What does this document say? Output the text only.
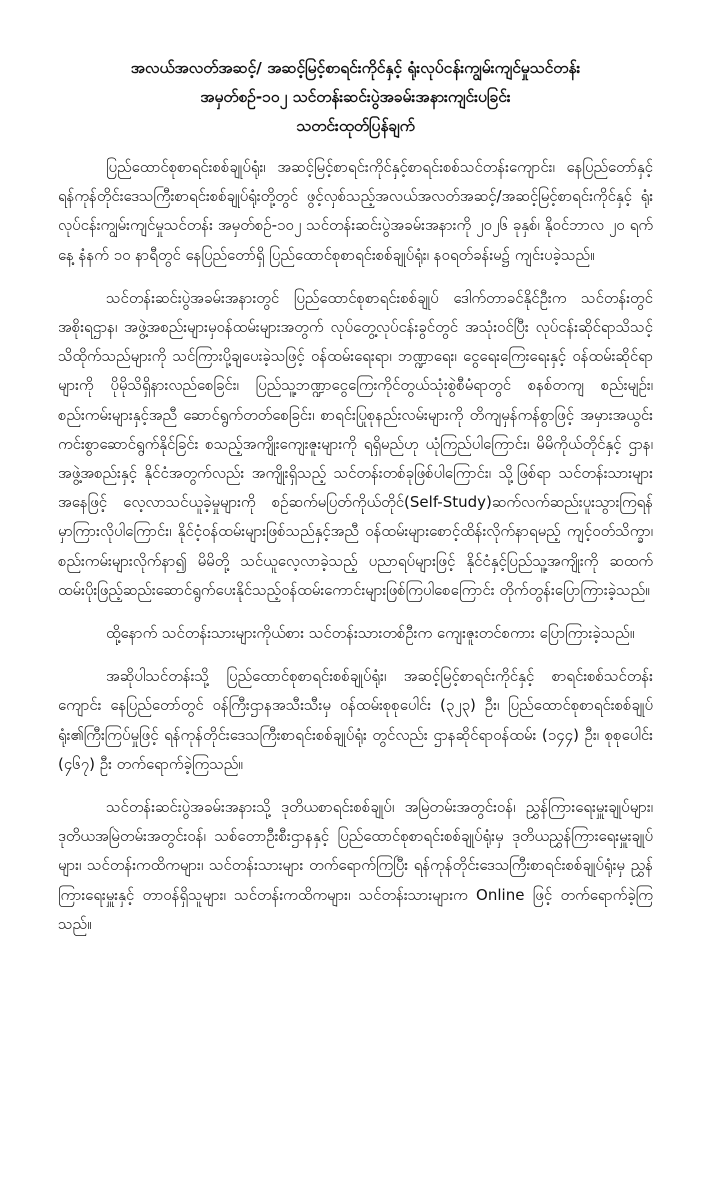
အလယ်အလတ်အဆင့်/ အဆင့်မြင့်စာရင်းကိုင်နှင့် ရုံးလုပ်ငန်းကျွမ်းကျင်မှုသင်တန်း
အမှတ်စဉ်-၁၀၂ သင်တန်းဆင်းပွဲအခမ်းအနားကျင်းပခြင်း
သတင်းထုတ်ပြန်ချက်

ပြည်ထောင်စုစာရင်းစစ်ချုပ်ရုံး၊ အဆင့်မြင့်စာရင်းကိုင်နှင့်စာရင်းစစ်သင်တန်းကျောင်း၊ နေပြည်တော်နှင့်ရန်ကုန်တိုင်းဒေသကြီးစာရင်းစစ်ချုပ်ရုံးတို့တွင် ဖွင့်လှစ်သည့်အလယ်အလတ်အဆင့်/အဆင့်မြင့်စာရင်းကိုင်နှင့် ရုံးလုပ်ငန်းကျွမ်းကျင်မှုသင်တန်း အမှတ်စဉ်-၁၀၂ သင်တန်းဆင်းပွဲအခမ်းအနားကို ၂၀၂၆ ခုနှစ်၊ နိုဝင်ဘာလ ၂၀ ရက်နေ့ နံနက် ၁၀ နာရီတွင် နေပြည်တော်ရှိ ပြည်ထောင်စုစာရင်းစစ်ချုပ်ရုံး၊ နဝရတ်ခန်းမ၌ ကျင်းပခဲ့သည်။

သင်တန်းဆင်းပွဲအခမ်းအနားတွင် ပြည်ထောင်စုစာရင်းစစ်ချုပ် ဒေါက်တာခင်နိုင်ဦးက သင်တန်းတွင် အစိုးရဌာန၊ အဖွဲ့အစည်းများမှဝန်ထမ်းများအတွက် လုပ်တွေ့လုပ်ငန်းခွင်တွင် အသုံးဝင်ပြီး လုပ်ငန်းဆိုင်ရာသိသင့်သိထိုက်သည်များကို သင်ကြားပို့ချပေးခဲ့သဖြင့် ဝန်ထမ်းရေးရာ၊ ဘဏ္ဍာရေး၊ ငွေရေးကြေးရေးနှင့် ဝန်ထမ်းဆိုင်ရာများကို ပိုမိုသိရှိနားလည်စေခြင်း၊ ပြည်သူ့ဘဏ္ဍာငွေကြေးကိုင်တွယ်သုံးစွဲစီမံရာတွင် စနစ်တကျ စည်းမျဉ်း၊ စည်းကမ်းများနှင့်အညီ ဆောင်ရွက်တတ်စေခြင်း၊ စာရင်းပြုစုနည်းလမ်းများကို တိကျမှန်ကန်စွာဖြင့် အမှားအယွင်းကင်းစွာဆောင်ရွက်နိုင်ခြင်း စသည့်အကျိုးကျေးဇူးများကို ရရှိမည်ဟု ယုံကြည်ပါကြောင်း၊ မိမိကိုယ်တိုင်နှင့် ဌာန၊ အဖွဲ့အစည်းနှင့် နိုင်ငံအတွက်လည်း အကျိုးရှိသည့် သင်တန်းတစ်ခုဖြစ်ပါကြောင်း၊ သို့ဖြစ်ရာ သင်တန်းသားများအနေဖြင့် လေ့လာသင်ယူခဲ့မှုများကို စဉ်ဆက်မပြတ်ကိုယ်တိုင်(Self-Study)ဆက်လက်ဆည်းပူးသွားကြရန် မှာကြားလိုပါကြောင်း၊ နိုင်ငံ့ဝန်ထမ်းများဖြစ်သည်နှင့်အညီ ဝန်ထမ်းများစောင့်ထိန်းလိုက်နာရမည့် ကျင့်ဝတ်သိက္ခာ၊ စည်းကမ်းများလိုက်နာ၍ မိမိတို့ သင်ယူလေ့လာခဲ့သည့် ပညာရပ်များဖြင့် နိုင်ငံနှင့်ပြည်သူ့အကျိုးကို ဆထက်ထမ်းပိုးဖြည့်ဆည်းဆောင်ရွက်ပေးနိုင်သည့်ဝန်ထမ်းကောင်းများဖြစ်ကြပါစေကြောင်း တိုက်တွန်းပြောကြားခဲ့သည်။

ထို့နောက် သင်တန်းသားများကိုယ်စား သင်တန်းသားတစ်ဦးက ကျေးဇူးတင်စကား ပြောကြားခဲ့သည်။

အဆိုပါသင်တန်းသို့ ပြည်ထောင်စုစာရင်းစစ်ချုပ်ရုံး၊ အဆင့်မြင့်စာရင်းကိုင်နှင့် စာရင်းစစ်သင်တန်းကျောင်း နေပြည်တော်တွင် ဝန်ကြီးဌာနအသီးသီးမှ ဝန်ထမ်းစုစုပေါင်း (၃၂၃) ဦး၊ ပြည်ထောင်စုစာရင်းစစ်ချုပ်ရုံး၏ကြီးကြပ်မှုဖြင့် ရန်ကုန်တိုင်းဒေသကြီးစာရင်းစစ်ချုပ်ရုံး တွင်လည်း ဌာနဆိုင်ရာဝန်ထမ်း (၁၄၄) ဦး၊ စုစုပေါင်း (၄၆၇) ဦး တက်ရောက်ခဲ့ကြသည်။

သင်တန်းဆင်းပွဲအခမ်းအနားသို့ ဒုတိယစာရင်းစစ်ချုပ်၊ အမြဲတမ်းအတွင်းဝန်၊ ညွှန်ကြားရေးမှူးချုပ်များ၊ ဒုတိယအမြဲတမ်းအတွင်းဝန်၊ သစ်တောဦးစီးဌာနနှင့် ပြည်ထောင်စုစာရင်းစစ်ချုပ်ရုံးမှ ဒုတိယညွှန်ကြားရေးမှူးချုပ်များ၊ သင်တန်းကထိကများ၊ သင်တန်းသားများ တက်ရောက်ကြပြီး ရန်ကုန်တိုင်းဒေသကြီးစာရင်းစစ်ချုပ်ရုံးမှ ညွှန်ကြားရေးမှူးနှင့် တာဝန်ရှိသူများ၊ သင်တန်းကထိကများ၊ သင်တန်းသားများက Online ဖြင့် တက်ရောက်ခဲ့ကြသည်။
